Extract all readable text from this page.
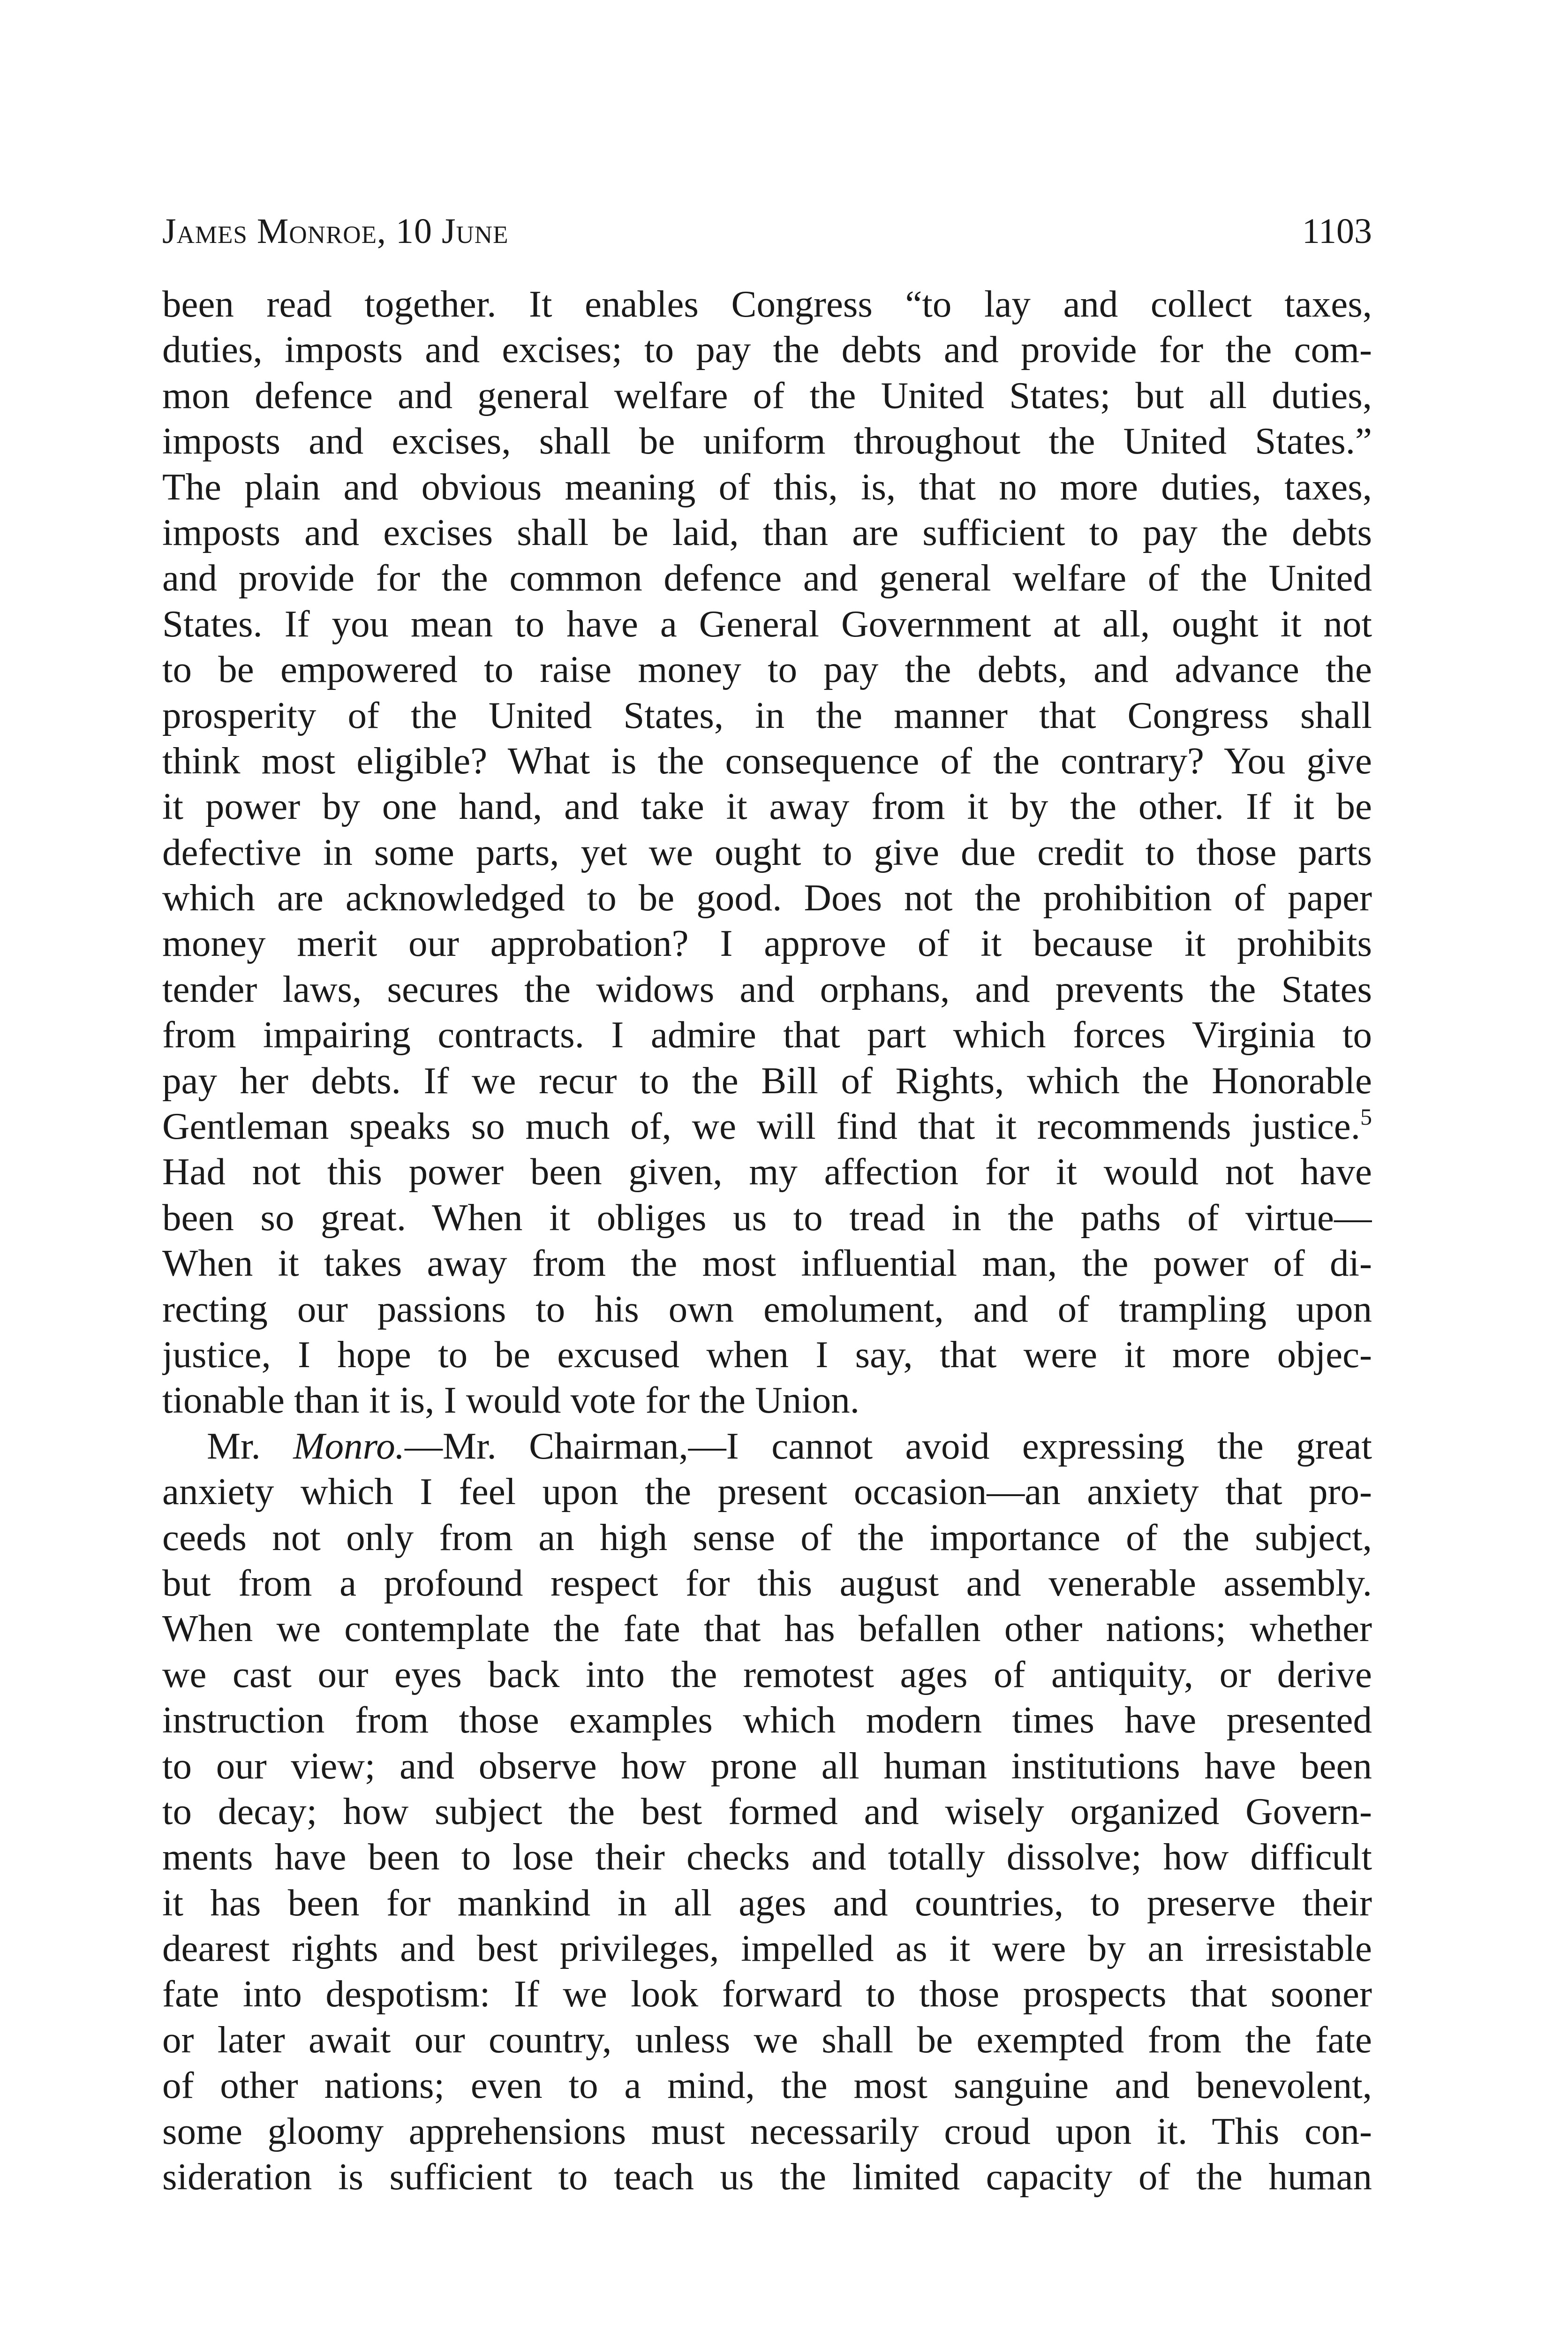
James Monroe, 10 June	1103
been read together. It enables Congress “to lay and collect taxes,
duties, imposts and excises; to pay the debts and provide for the com-
mon defence and general welfare of the United States; but all duties,
imposts and excises, shall be uniform throughout the United States.”
The plain and obvious meaning of this, is, that no more duties, taxes,
imposts and excises shall be laid, than are sufficient to pay the debts
and provide for the common defence and general welfare of the United
States. If you mean to have a General Government at all, ought it not
to be empowered to raise money to pay the debts, and advance the
prosperity of the United States, in the manner that Congress shall
think most eligible? What is the consequence of the contrary? You give
it power by one hand, and take it away from it by the other. If it be
defective in some parts, yet we ought to give due credit to those parts
which are acknowledged to be good. Does not the prohibition of paper
money merit our approbation? I approve of it because it prohibits
tender laws, secures the widows and orphans, and prevents the States
from impairing contracts. I admire that part which forces Virginia to
pay her debts. If we recur to the Bill of Rights, which the Honorable
Gentleman speaks so much of, we will find that it recommends justice.$^5$
Had not this power been given, my affection for it would not have
been so great. When it obliges us to tread in the paths of virtue—
When it takes away from the most influential man, the power of di-
recting our passions to his own emolument, and of trampling upon
justice, I hope to be excused when I say, that were it more objec-
tionable than it is, I would vote for the Union.
Mr. Monro.—Mr. Chairman,—I cannot avoid expressing the great
anxiety which I feel upon the present occasion—an anxiety that pro-
ceeds not only from an high sense of the importance of the subject,
but from a profound respect for this august and venerable assembly.
When we contemplate the fate that has befallen other nations; whether
we cast our eyes back into the remotest ages of antiquity, or derive
instruction from those examples which modern times have presented
to our view; and observe how prone all human institutions have been
to decay; how subject the best formed and wisely organized Govern-
ments have been to lose their checks and totally dissolve; how difficult
it has been for mankind in all ages and countries, to preserve their
dearest rights and best privileges, impelled as it were by an irresistable
fate into despotism: If we look forward to those prospects that sooner
or later await our country, unless we shall be exempted from the fate
of other nations; even to a mind, the most sanguine and benevolent,
some gloomy apprehensions must necessarily croud upon it. This con-
sideration is sufficient to teach us the limited capacity of the human
